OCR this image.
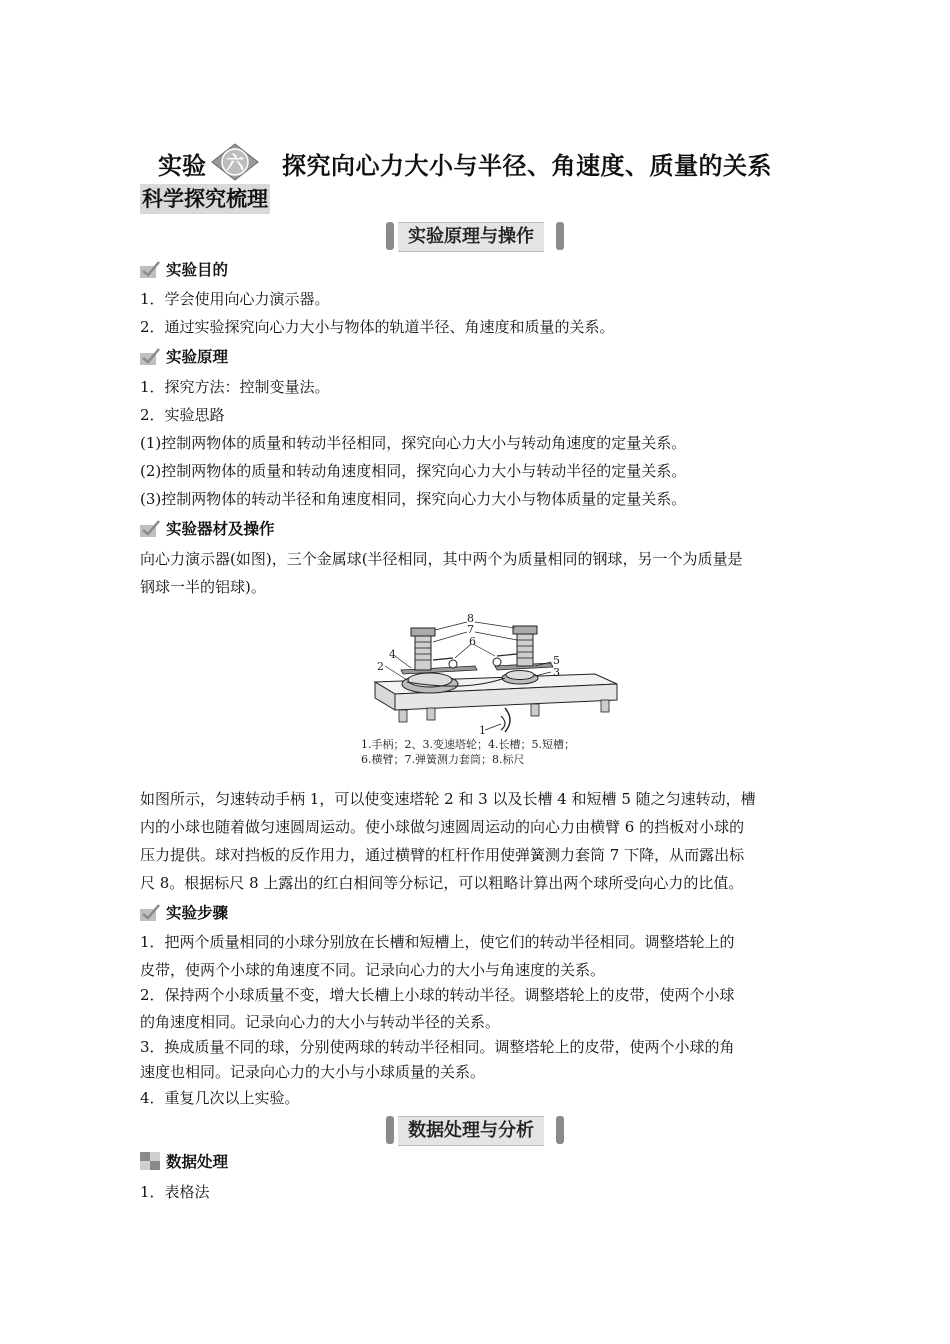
实验 六 探究向心力大小与半径、角速度、质量的关系
科学探究梳理
实验原理与操作
实验目的
1．学会使用向心力演示器。
2．通过实验探究向心力大小与物体的轨道半径、角速度和质量的关系。
实验原理
1．探究方法：控制变量法。
2．实验思路
(1)控制两物体的质量和转动半径相同，探究向心力大小与转动角速度的定量关系。
(2)控制两物体的质量和转动角速度相同，探究向心力大小与转动半径的定量关系。
(3)控制两物体的转动半径和角速度相同，探究向心力大小与物体质量的定量关系。
实验器材及操作
向心力演示器(如图)，三个金属球(半径相同，其中两个为质量相同的钢球，另一个为质量是
钢球一半的铝球)。
8
7
6
4
2	5
3
1
1.手柄；2、3.变速塔轮；4.长槽；5.短槽；
6.横臂；7.弹簧测力套筒；8.标尺
如图所示，匀速转动手柄 1，可以使变速塔轮 2 和 3 以及长槽 4 和短槽 5 随之匀速转动，槽
内的小球也随着做匀速圆周运动。使小球做匀速圆周运动的向心力由横臂 6 的挡板对小球的
压力提供。球对挡板的反作用力，通过横臂的杠杆作用使弹簧测力套筒 7 下降，从而露出标
尺 8。根据标尺 8 上露出的红白相间等分标记，可以粗略计算出两个球所受向心力的比值。
实验步骤
1．把两个质量相同的小球分别放在长槽和短槽上，使它们的转动半径相同。调整塔轮上的
皮带，使两个小球的角速度不同。记录向心力的大小与角速度的关系。
2．保持两个小球质量不变，增大长槽上小球的转动半径。调整塔轮上的皮带，使两个小球
的角速度相同。记录向心力的大小与转动半径的关系。
3．换成质量不同的球，分别使两球的转动半径相同。调整塔轮上的皮带，使两个小球的角
速度也相同。记录向心力的大小与小球质量的关系。
4．重复几次以上实验。
数据处理与分析
数据处理
1．表格法
